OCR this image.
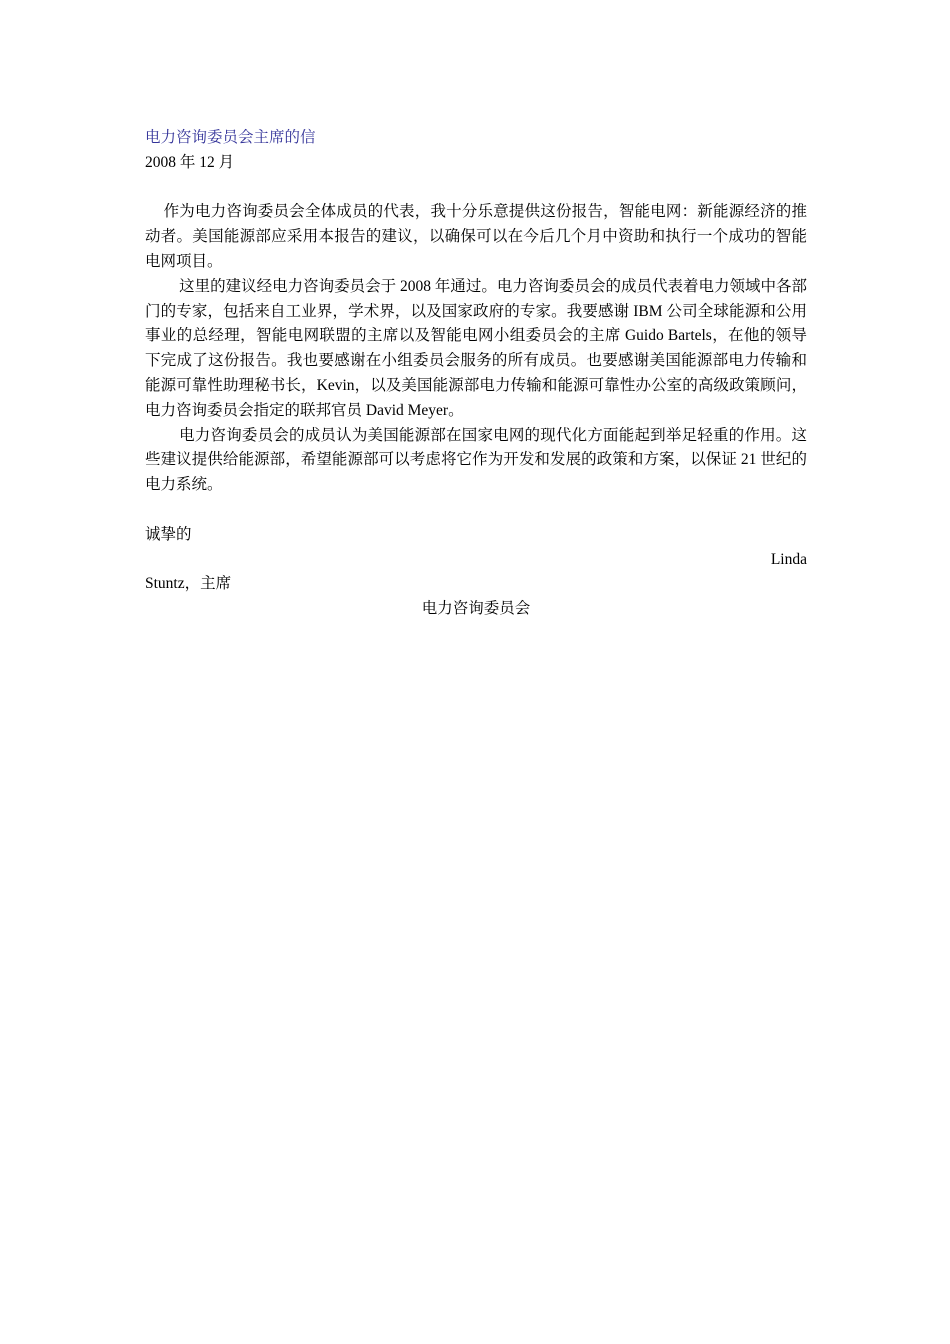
电力咨询委员会主席的信

2008 年 12 月

作为电力咨询委员会全体成员的代表，我十分乐意提供这份报告，智能电网：新能源经济的推动者。美国能源部应采用本报告的建议，以确保可以在今后几个月中资助和执行一个成功的智能电网项目。

这里的建议经电力咨询委员会于 2008 年通过。电力咨询委员会的成员代表着电力领域中各部门的专家，包括来自工业界，学术界，以及国家政府的专家。我要感谢 IBM 公司全球能源和公用事业的总经理，智能电网联盟的主席以及智能电网小组委员会的主席 Guido Bartels，在他的领导下完成了这份报告。我也要感谢在小组委员会服务的所有成员。也要感谢美国能源部电力传输和能源可靠性助理秘书长，Kevin，以及美国能源部电力传输和能源可靠性办公室的高级政策顾问，电力咨询委员会指定的联邦官员 David Meyer。

电力咨询委员会的成员认为美国能源部在国家电网的现代化方面能起到举足轻重的作用。这些建议提供给能源部，希望能源部可以考虑将它作为开发和发展的政策和方案，以保证 21 世纪的电力系统。

诚挚的

Linda

Stuntz，主席

电力咨询委员会
